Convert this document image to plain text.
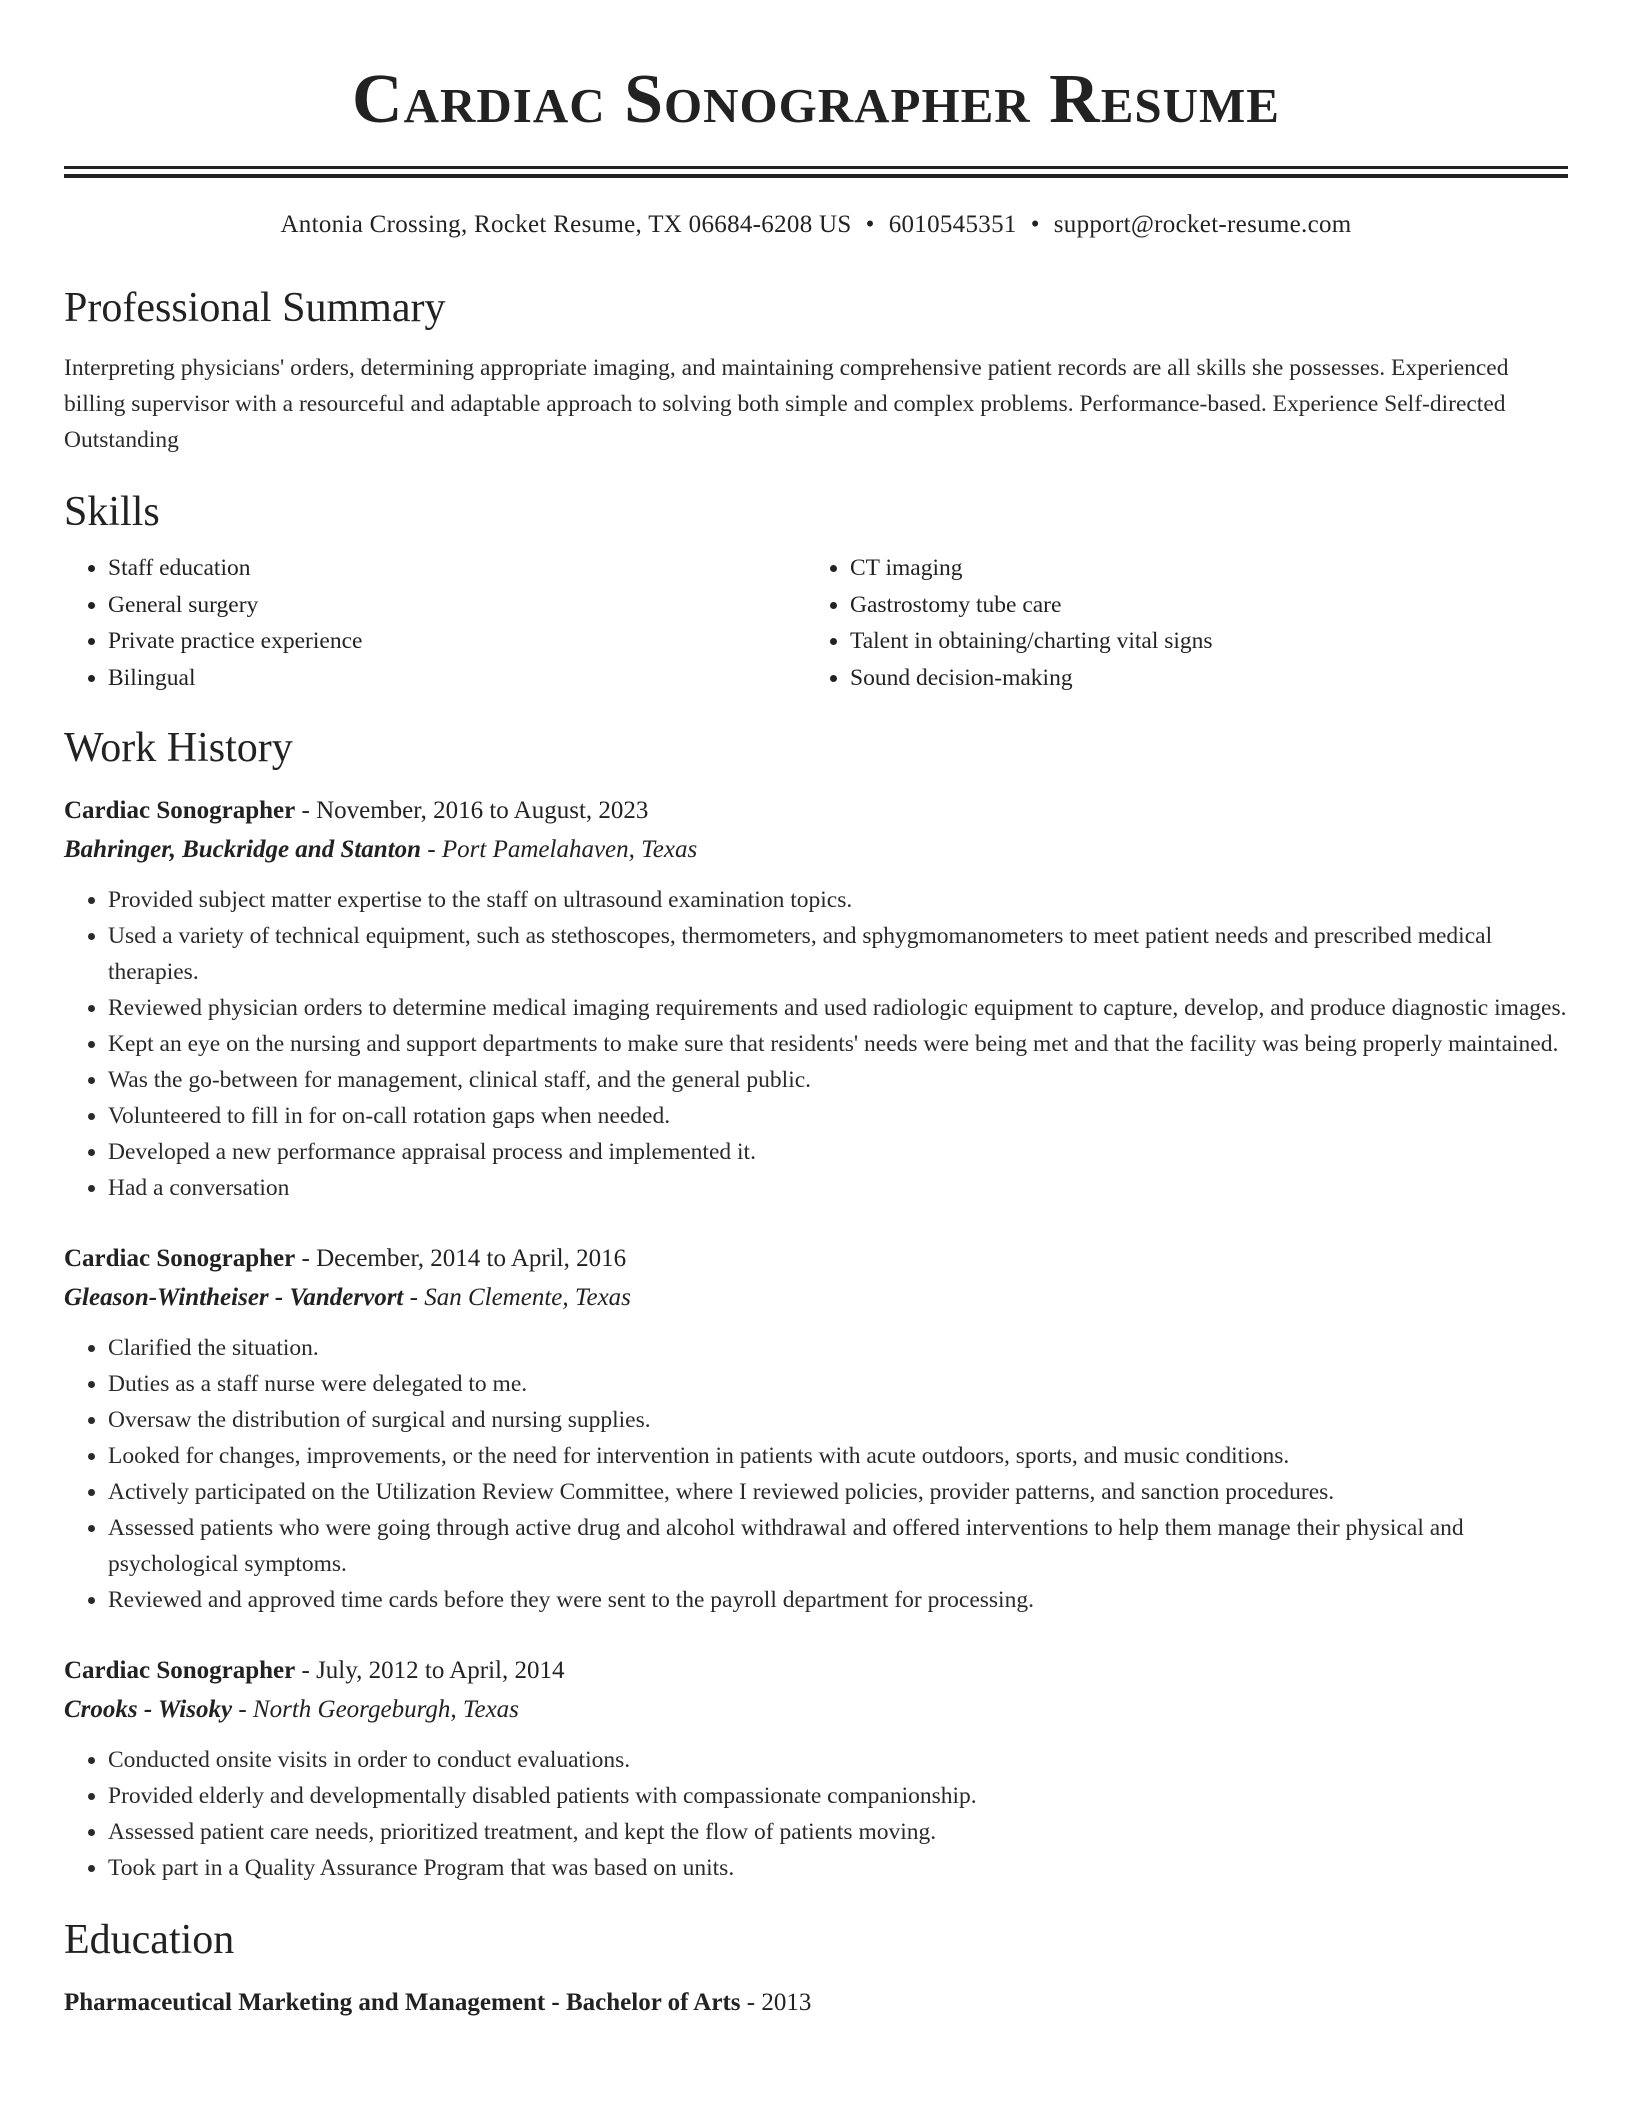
Cardiac Sonographer Resume
Antonia Crossing, Rocket Resume, TX 06684-6208 US • 6010545351 • support@rocket-resume.com
Professional Summary

Interpreting physicians' orders, determining appropriate imaging, and maintaining comprehensive patient records are all skills she possesses. Experienced billing supervisor with a resourceful and adaptable approach to solving both simple and complex problems. Performance-based. Experience Self-directed Outstanding

Skills
• Staff education
• General surgery
• Private practice experience
• Bilingual
• CT imaging
• Gastrostomy tube care
• Talent in obtaining/charting vital signs
• Sound decision-making
Work History
Cardiac Sonographer - November, 2016 to August, 2023
Bahringer, Buckridge and Stanton - Port Pamelahaven, Texas
• Provided subject matter expertise to the staff on ultrasound examination topics.
• Used a variety of technical equipment, such as stethoscopes, thermometers, and sphygmomanometers to meet patient needs and prescribed medical therapies.
• Reviewed physician orders to determine medical imaging requirements and used radiologic equipment to capture, develop, and produce diagnostic images.
• Kept an eye on the nursing and support departments to make sure that residents' needs were being met and that the facility was being properly maintained.
• Was the go-between for management, clinical staff, and the general public.
• Volunteered to fill in for on-call rotation gaps when needed.
• Developed a new performance appraisal process and implemented it.
• Had a conversation
Cardiac Sonographer - December, 2014 to April, 2016
Gleason-Wintheiser - Vandervort - San Clemente, Texas
• Clarified the situation.
• Duties as a staff nurse were delegated to me.
• Oversaw the distribution of surgical and nursing supplies.
• Looked for changes, improvements, or the need for intervention in patients with acute outdoors, sports, and music conditions.
• Actively participated on the Utilization Review Committee, where I reviewed policies, provider patterns, and sanction procedures.
• Assessed patients who were going through active drug and alcohol withdrawal and offered interventions to help them manage their physical and psychological symptoms.
• Reviewed and approved time cards before they were sent to the payroll department for processing.
Cardiac Sonographer - July, 2012 to April, 2014
Crooks - Wisoky - North Georgeburgh, Texas
• Conducted onsite visits in order to conduct evaluations.
• Provided elderly and developmentally disabled patients with compassionate companionship.
• Assessed patient care needs, prioritized treatment, and kept the flow of patients moving.
• Took part in a Quality Assurance Program that was based on units.
Education
Pharmaceutical Marketing and Management - Bachelor of Arts - 2013
